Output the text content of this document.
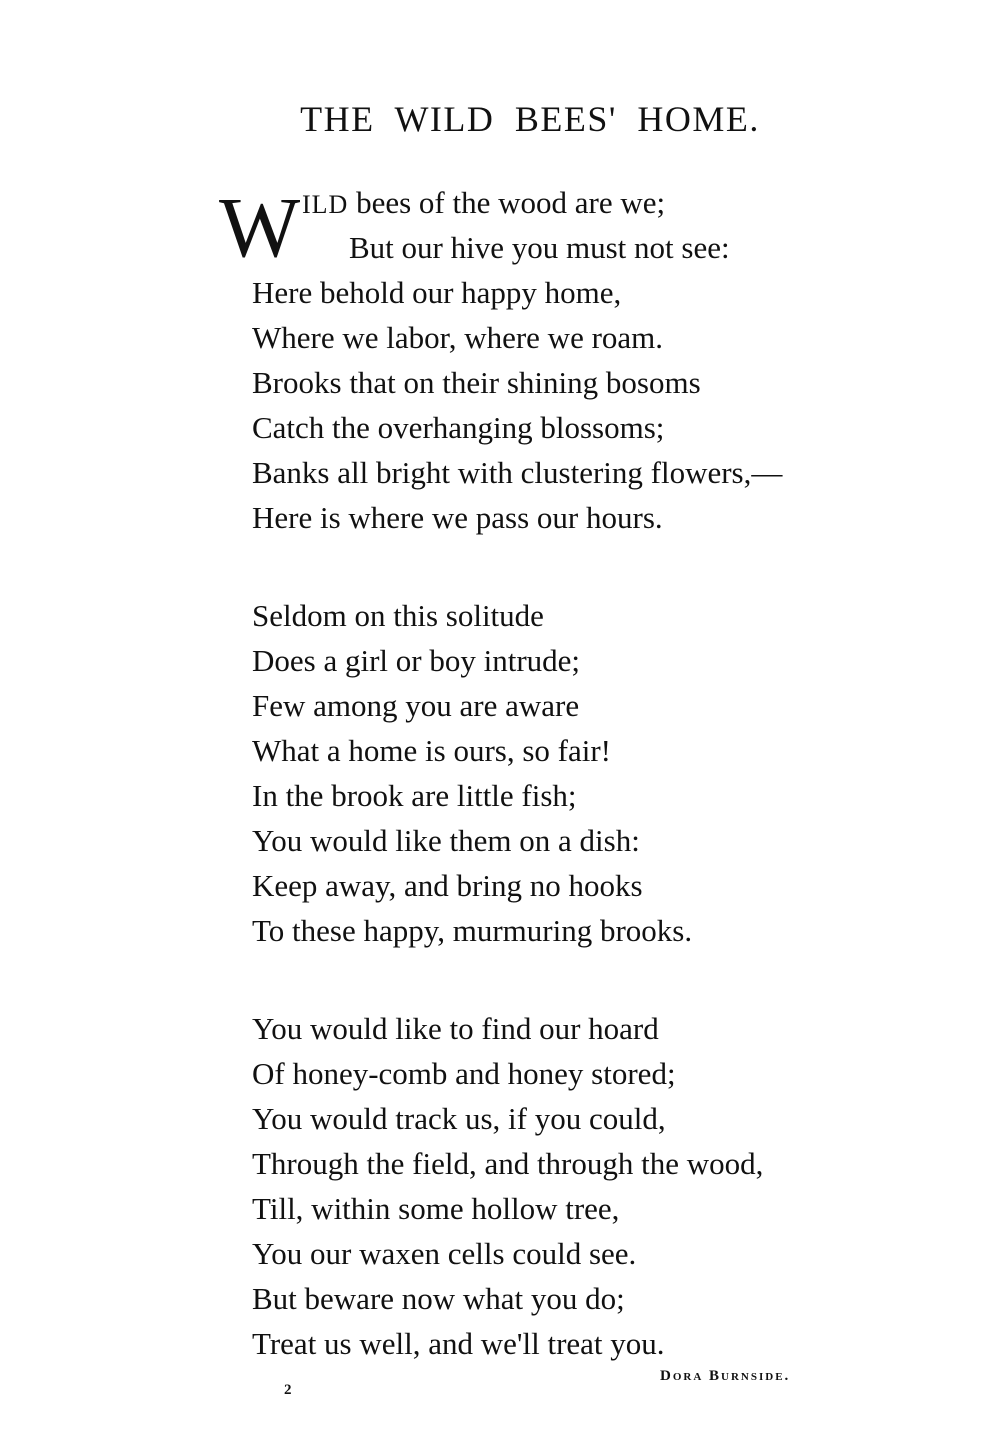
THE WILD BEES' HOME.
W ILD bees of the wood are we;
But our hive you must not see:
Here behold our happy home,
Where we labor, where we roam.
Brooks that on their shining bosoms
Catch the overhanging blossoms;
Banks all bright with clustering flowers,—
Here is where we pass our hours.
Seldom on this solitude
Does a girl or boy intrude;
Few among you are aware
What a home is ours, so fair!
In the brook are little fish;
You would like them on a dish:
Keep away, and bring no hooks
To these happy, murmuring brooks.
You would like to find our hoard
Of honey-comb and honey stored;
You would track us, if you could,
Through the field, and through the wood,
Till, within some hollow tree,
You our waxen cells could see.
But beware now what you do;
Treat us well, and we'll treat you.
Dora Burnside.
2
